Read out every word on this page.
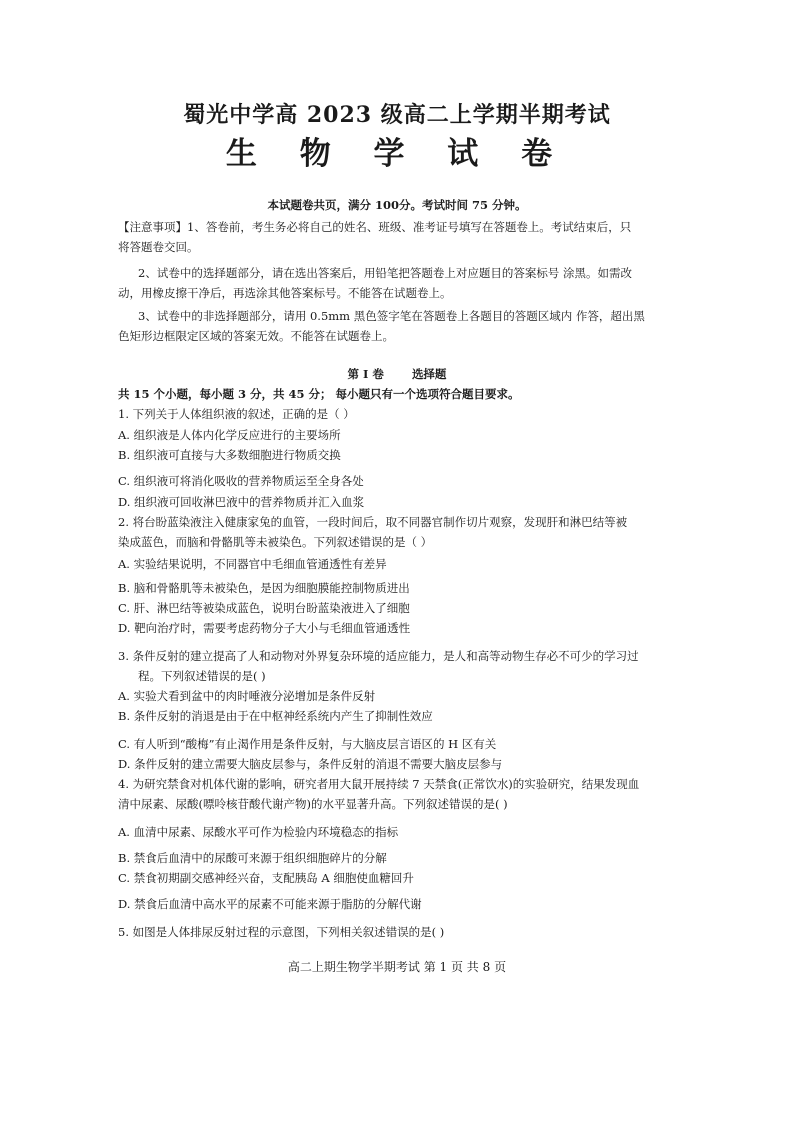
蜀光中学高 2023 级高二上学期半期考试
生 物 学 试 卷
本试题卷共页，满分 100分。考试时间 75 分钟。
【注意事项】1、答卷前，考生务必将自己的姓名、班级、准考证号填写在答题卷上。考试结束后，只
将答题卷交回。
2、试卷中的选择题部分，请在选出答案后，用铅笔把答题卷上对应题目的答案标号 涂黑。如需改
动，用橡皮擦干净后，再选涂其他答案标号。不能答在试题卷上。
3、试卷中的非选择题部分，请用 0.5mm 黑色签字笔在答题卷上各题目的答题区域内 作答，超出黑
色矩形边框限定区域的答案无效。不能答在试题卷上。
第 I 卷 选择题
共 15 个小题，每小题 3 分，共 45 分； 每小题只有一个选项符合题目要求。
1. 下列关于人体组织液的叙述，正确的是（ ）
A. 组织液是人体内化学反应进行的主要场所
B. 组织液可直接与大多数细胞进行物质交换
C. 组织液可将消化吸收的营养物质运至全身各处
D. 组织液可回收淋巴液中的营养物质并汇入血浆
2. 将台盼蓝染液注入健康家兔的血管，一段时间后，取不同器官制作切片观察，发现肝和淋巴结等被
染成蓝色，而脑和骨骼肌等未被染色。下列叙述错误的是（ ）
A. 实验结果说明，不同器官中毛细血管通透性有差异
B. 脑和骨骼肌等未被染色，是因为细胞膜能控制物质进出
C. 肝、淋巴结等被染成蓝色，说明台盼蓝染液进入了细胞
D. 靶向治疗时，需要考虑药物分子大小与毛细血管通透性
3. 条件反射的建立提高了人和动物对外界复杂环境的适应能力，是人和高等动物生存必不可少的学习过
程。下列叙述错误的是( )
A. 实验犬看到盆中的肉时唾液分泌增加是条件反射
B. 条件反射的消退是由于在中枢神经系统内产生了抑制性效应
C. 有人听到“酸梅”有止渴作用是条件反射，与大脑皮层言语区的 H 区有关
D. 条件反射的建立需要大脑皮层参与，条件反射的消退不需要大脑皮层参与
4. 为研究禁食对机体代谢的影响，研究者用大鼠开展持续 7 天禁食(正常饮水)的实验研究，结果发现血
清中尿素、尿酸(嘌呤核苷酸代谢产物)的水平显著升高。下列叙述错误的是( )
A. 血清中尿素、尿酸水平可作为检验内环境稳态的指标
B. 禁食后血清中的尿酸可来源于组织细胞碎片的分解
C. 禁食初期副交感神经兴奋，支配胰岛 A 细胞使血糖回升
D. 禁食后血清中高水平的尿素不可能来源于脂肪的分解代谢
5. 如图是人体排尿反射过程的示意图，下列相关叙述错误的是( )
高二上期生物学半期考试 第 1 页 共 8 页
